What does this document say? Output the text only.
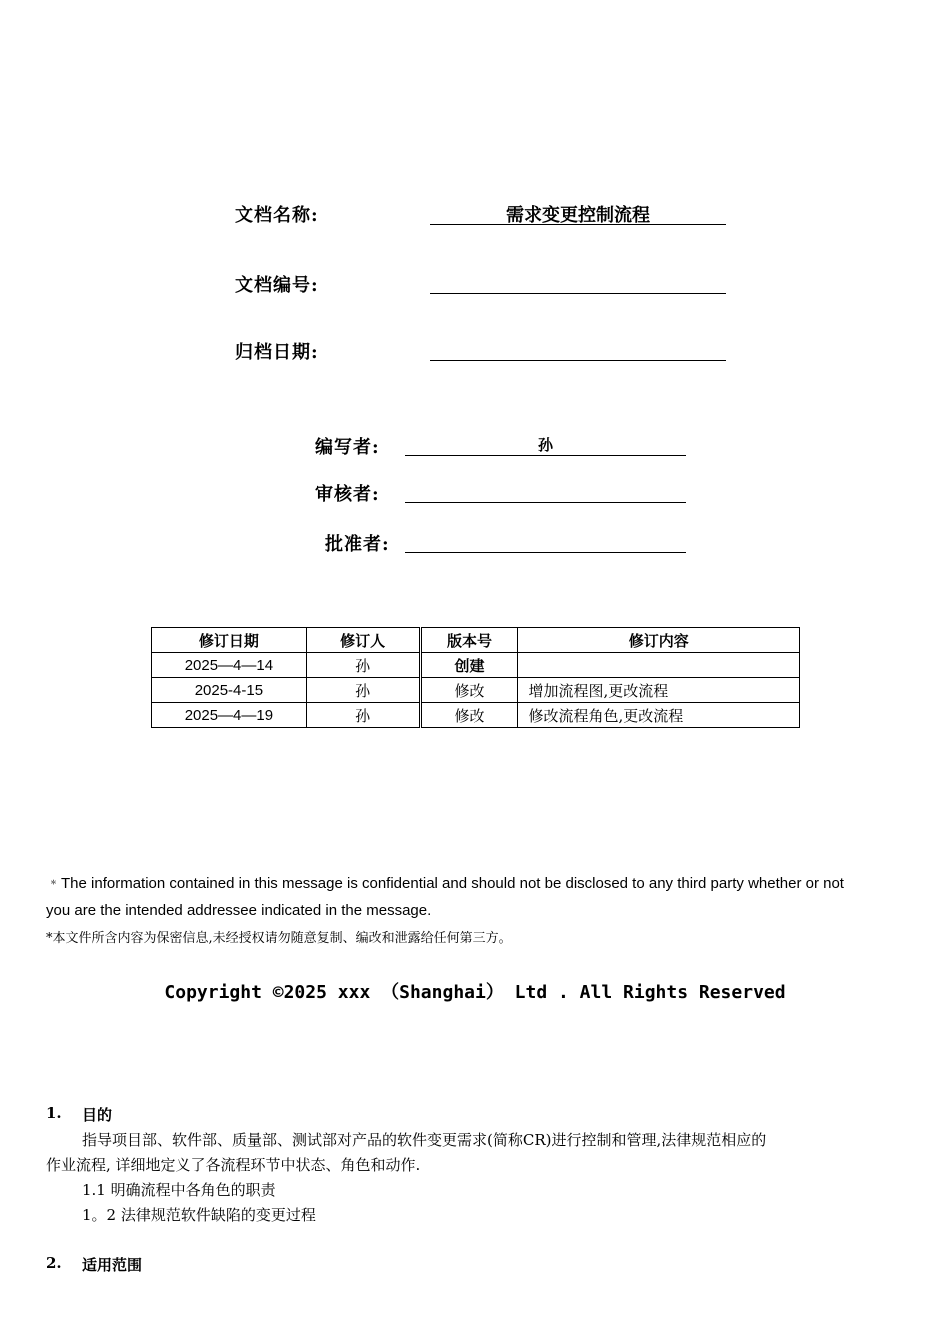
文档名称:	需求变更控制流程
文档编号:
归档日期:
编写者:	孙
审核者:
批准者:
修订日期	修订人	版本号	修订内容
2025—4—14	孙	创建	
2025-4-15	孙	修改	增加流程图,更改流程
2025—4—19	孙	修改	修改流程角色,更改流程
﹡The information contained in this message is confidential and should not be disclosed to any third party whether or not
you are the intended addressee indicated in the message.
*本文件所含内容为保密信息,未经授权请勿随意复制、编改和泄露给任何第三方。
Copyright ©2025 xxx （Shanghai） Ltd . All Rights Reserved
1. 目的
指导项目部、软件部、质量部、测试部对产品的软件变更需求(简称CR)进行控制和管理,法律规范相应的
作业流程, 详细地定义了各流程环节中状态、角色和动作.
1.1 明确流程中各角色的职责
1。2 法律规范软件缺陷的变更过程
2. 适用范围
